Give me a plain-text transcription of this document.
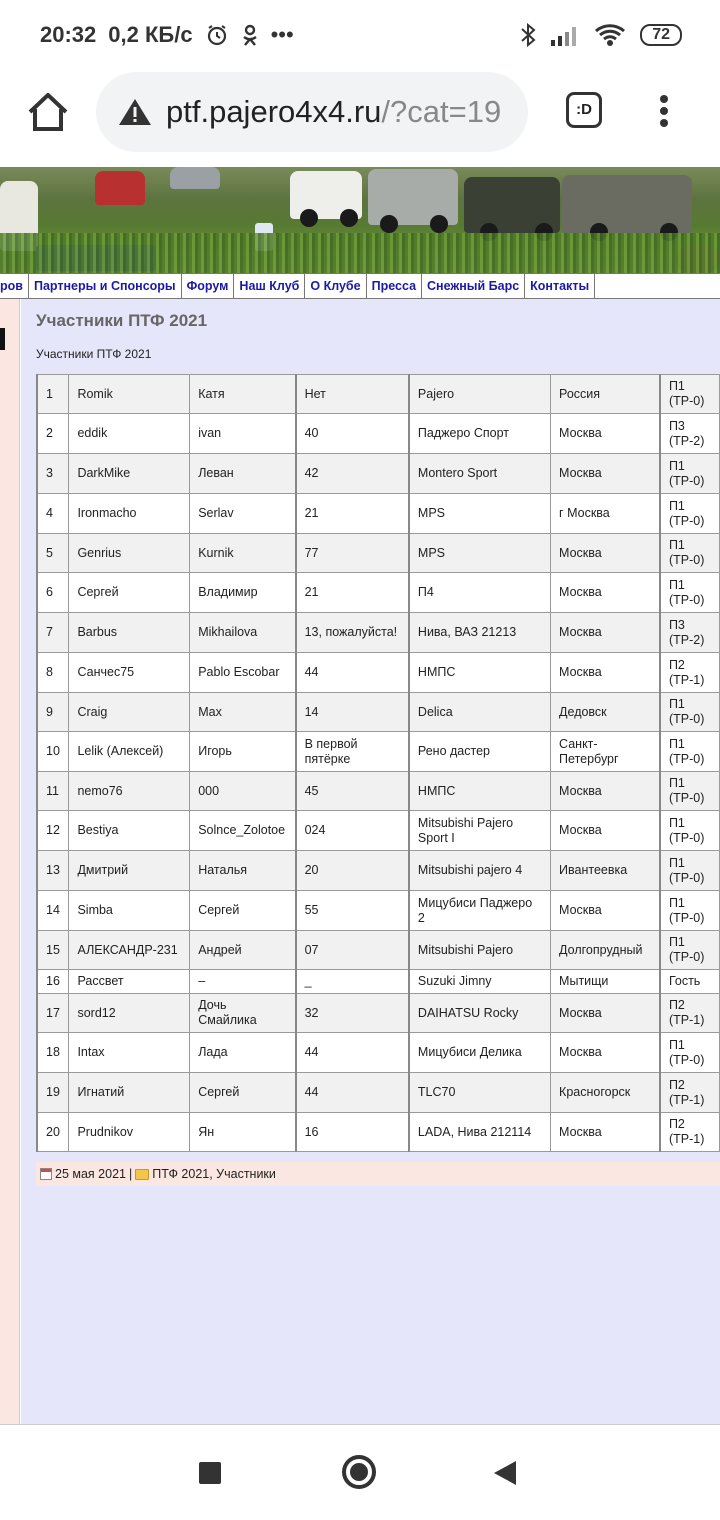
20:32 0,2 КБ/с	•••	72
ptf.pajero4x4.ru/?cat=19	:D
ров Партнеры и Спонсоры Форум Наш Клуб О Клубе Пресса Снежный Барс Контакты
Участники ПТФ 2021
Участники ПТФ 2021
1	Romik	Катя	Нет	Pajero	Россия	П1 (ТР-0)
2	eddik	ivan	40	Паджеро Спорт	Москва	П3 (ТР-2)
3	DarkMike	Леван	42	Montero Sport	Москва	П1 (ТР-0)
4	Ironmacho	Serlav	21	MPS	г Москва	П1 (ТР-0)
5	Genrius	Kurnik	77	MPS	Москва	П1 (ТР-0)
6	Сергей	Владимир	21	П4	Москва	П1 (ТР-0)
7	Barbus	Mikhailova	13, пожалуйста!	Нива, ВАЗ 21213	Москва	П3 (ТР-2)
8	Санчес75	Pablo Escobar	44	НМПС	Москва	П2 (ТР-1)
9	Craig	Max	14	Delica	Дедовск	П1 (ТР-0)
10	Lelik (Алексей)	Игорь	В первой пятёрке	Рено дастер	Санкт-Петербург	П1 (ТР-0)
11	nemo76	000	45	НМПС	Москва	П1 (ТР-0)
12	Bestiya	Solnce_Zolotoe	024	Mitsubishi Pajero Sport I	Москва	П1 (ТР-0)
13	Дмитрий	Наталья	20	Mitsubishi pajero 4	Ивантеевка	П1 (ТР-0)
14	Simba	Сергей	55	Мицубиси Паджеро 2	Москва	П1 (ТР-0)
15	АЛЕКСАНДР-231	Андрей	07	Mitsubishi Pajero	Долгопрудный	П1 (ТР-0)
16	Рассвет	–	_	Suzuki Jimny	Мытищи	Гость
17	sord12	Дочь Смайлика	32	DAIHATSU Rocky	Москва	П2 (ТР-1)
18	Intax	Лада	44	Мицубиси Делика	Москва	П1 (ТР-0)
19	Игнатий	Сергей	44	TLC70	Красногорск	П2 (ТР-1)
20	Prudnikov	Ян	16	LADA, Нива 212114	Москва	П2 (ТР-1)
25 мая 2021 | ПТФ 2021, Участники
